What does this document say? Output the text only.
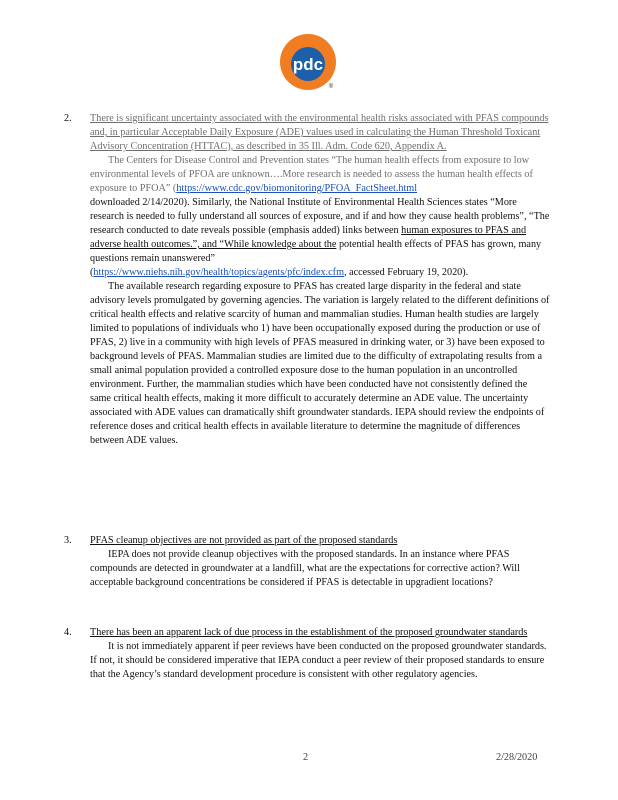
pdc
®
2. There is significant uncertainty associated with the environmental health risks associated with PFAS compounds and, in particular Acceptable Daily Exposure (ADE) values used in calculating the Human Threshold Toxicant Advisory Concentration (HTTAC), as described in 35 Ill. Adm. Code 620, Appendix A.

The Centers for Disease Control and Prevention states “The human health effects from exposure to low environmental levels of PFOA are unknown….More research is needed to assess the human health effects of exposure to PFOA” (https://www.cdc.gov/biomonitoring/PFOA_FactSheet.html

downloaded 2/14/2020). Similarly, the National Institute of Environmental Health Sciences states “More research is needed to fully understand all sources of exposure, and if and how they cause health problems”, “The research conducted to date reveals possible (emphasis added) links between human exposures to PFAS and adverse health outcomes.”, and “While knowledge about the potential health effects of PFAS has grown, many questions remain unanswered”
(https://www.niehs.nih.gov/health/topics/agents/pfc/index.cfm, accessed February 19, 2020).

The available research regarding exposure to PFAS has created large disparity in the federal and state advisory levels promulgated by governing agencies. The variation is largely related to the different definitions of critical health effects and relative scarcity of human and mammalian studies. Human health studies are largely limited to populations of individuals who 1) have been occupationally exposed during the production or use of PFAS, 2) live in a community with high levels of PFAS measured in drinking water, or 3) have been exposed to background levels of PFAS. Mammalian studies are limited due to the difficulty of extrapolating results from a small animal population provided a controlled exposure dose to the human population in an uncontrolled environment. Further, the mammalian studies which have been conducted have not consistently defined the same critical health effects, making it more difficult to accurately determine an ADE value. The uncertainty associated with ADE values can dramatically shift groundwater standards. IEPA should review the endpoints of reference doses and critical health effects in available literature to determine the magnitude of differences between ADE values.

3. PFAS cleanup objectives are not provided as part of the proposed standards

IEPA does not provide cleanup objectives with the proposed standards. In an instance where PFAS compounds are detected in groundwater at a landfill, what are the expectations for corrective action? Will acceptable background concentrations be considered if PFAS is detectable in upgradient locations?

4. There has been an apparent lack of due process in the establishment of the proposed groundwater standards

It is not immediately apparent if peer reviews have been conducted on the proposed groundwater standards. If not, it should be considered imperative that IEPA conduct a peer review of their proposed standards to ensure that the Agency’s standard development procedure is consistent with other regulatory agencies.

2	2/28/2020
